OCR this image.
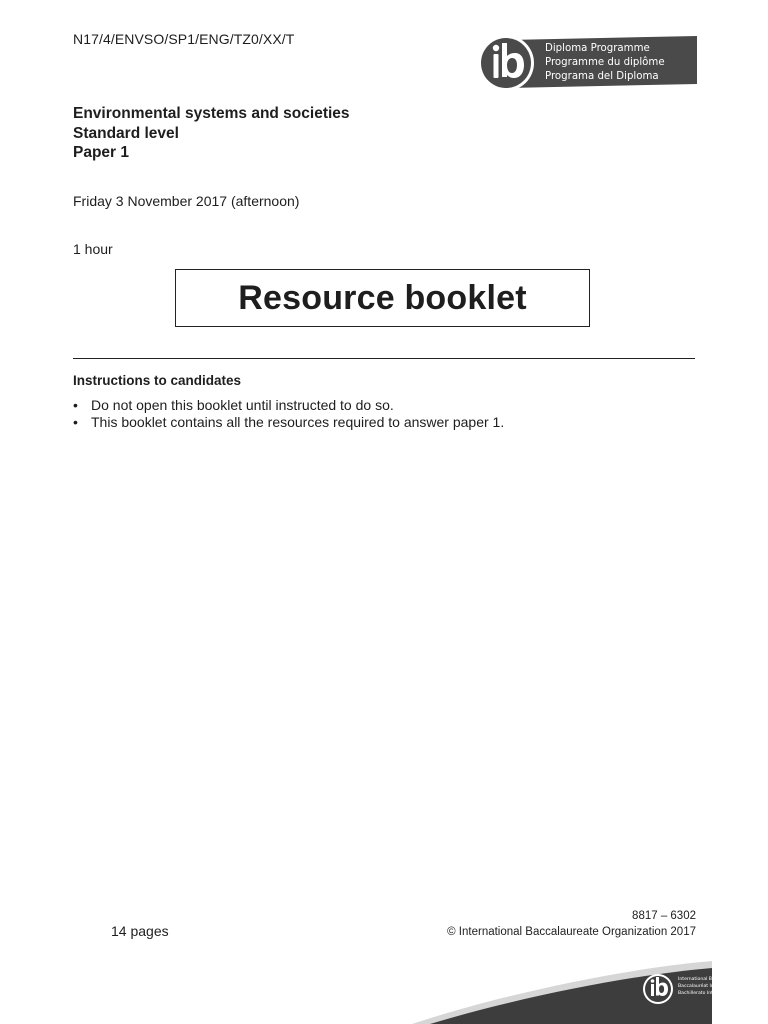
N17/4/ENVSO/SP1/ENG/TZ0/XX/T
Diploma Programme
Programme du diplôme
Programa del Diploma
Environmental systems and societies
Standard level
Paper 1
Friday 3 November 2017 (afternoon)
1 hour
Resource booklet
Instructions to candidates
• Do not open this booklet until instructed to do so.
• This booklet contains all the resources required to answer paper 1.
14 pages
8817 – 6302
© International Baccalaureate Organization 2017
International Baccalaureate
Baccalauréat International
Bachillerato Internacional
